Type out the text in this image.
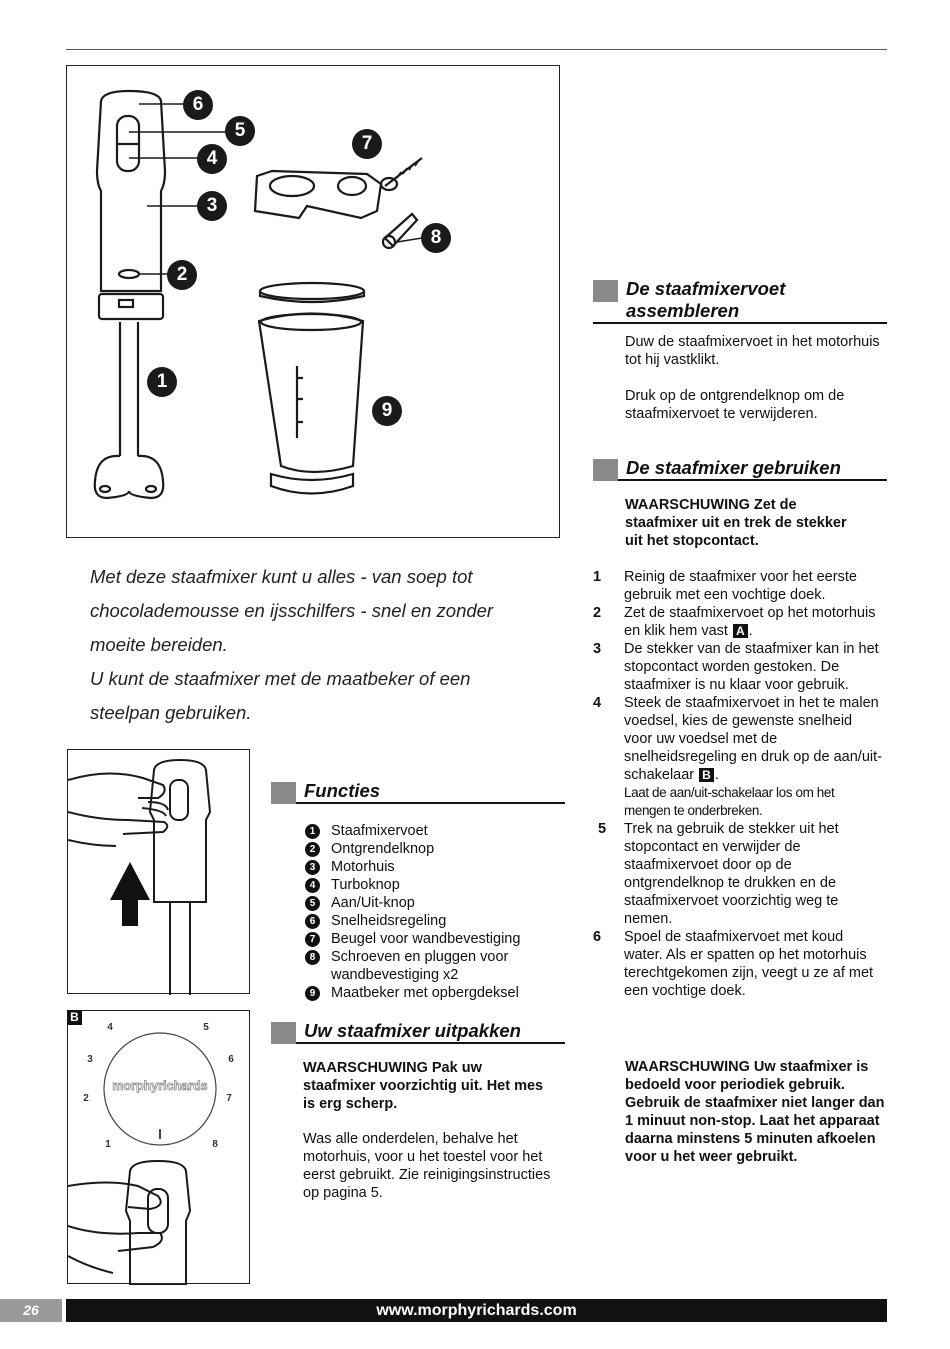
6
5
4
3
2
1
7
8
9

Met deze staafmixer kunt u alles - van soep tot

chocolademousse en ijsschilfers - snel en zonder

moeite bereiden.

U kunt de staafmixer met de maatbeker of een

steelpan gebruiken.

B
morphyrichards
1
2
3
4	5
6
7
8
Functies
1	Staafmixervoet
2	Ontgrendelknop
3	Motorhuis
4	Turboknop
5	Aan/Uit-knop
6	Snelheidsregeling
7	Beugel voor wandbevestiging
8	Schroeven en pluggen voor wandbevestiging x2
9	Maatbeker met opbergdeksel
Uw staafmixer uitpakken
WAARSCHUWING Pak uw staafmixer voorzichtig uit. Het mes is erg scherp.
Was alle onderdelen, behalve het motorhuis, voor u het toestel voor het eerst gebruikt. Zie reinigingsinstructies op pagina 5.
De staafmixervoet
assembleren
Duw de staafmixervoet in het motorhuis tot hij vastklikt.
Druk op de ontgrendelknop om de staafmixervoet te verwijderen.
De staafmixer gebruiken
WAARSCHUWING Zet de staafmixer uit en trek de stekker uit het stopcontact.
1 Reinig de staafmixer voor het eerste gebruik met een vochtige doek.
2 Zet de staafmixervoet op het motorhuis en klik hem vast A .
3 De stekker van de staafmixer kan in het stopcontact worden gestoken. De staafmixer is nu klaar voor gebruik.
4 Steek de staafmixervoet in het te malen voedsel, kies de gewenste snelheid voor uw voedsel met de snelheidsregeling en druk op de aan/uit-schakelaar B .
Laat de aan/uit-schakelaar los om het mengen te onderbreken.
5 Trek na gebruik de stekker uit het stopcontact en verwijder de staafmixervoet door op de ontgrendelknop te drukken en de staafmixervoet voorzichtig weg te nemen.
6 Spoel de staafmixervoet met koud water. Als er spatten op het motorhuis terechtgekomen zijn, veegt u ze af met een vochtige doek.
WAARSCHUWING Uw staafmixer is bedoeld voor periodiek gebruik. Gebruik de staafmixer niet langer dan 1 minuut non-stop. Laat het apparaat daarna minstens 5 minuten afkoelen voor u het weer gebruikt.
26	www.morphyrichards.com
